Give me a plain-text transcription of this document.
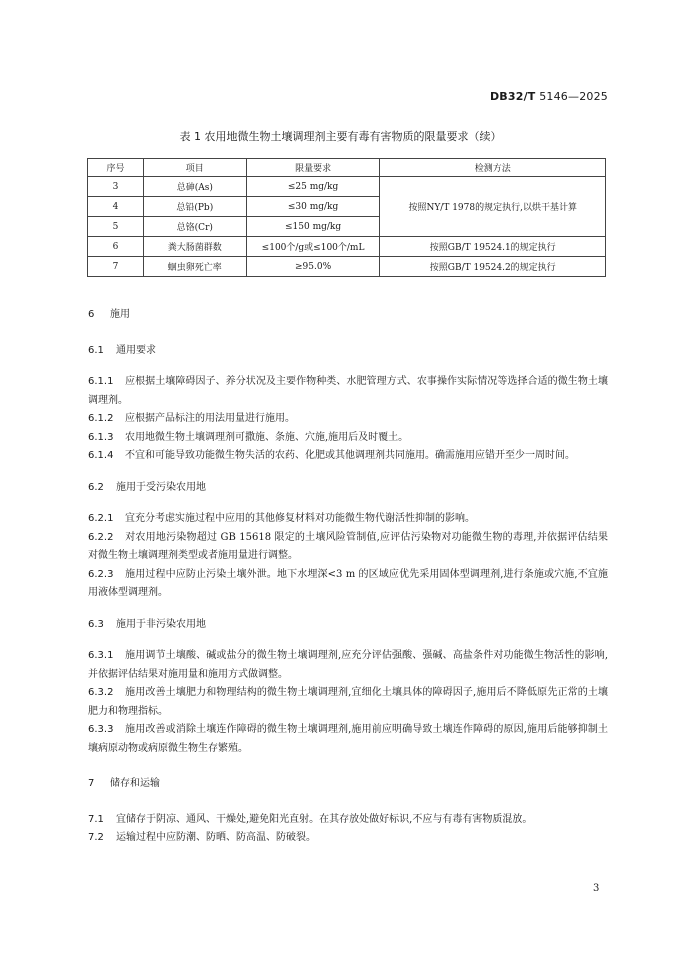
DB32/T 5146—2025
表 1 农用地微生物土壤调理剂主要有毒有害物质的限量要求（续）
序号	项目	限量要求	检测方法
3	总砷(As)	≤25 mg/kg	按照NY/T 1978的规定执行,以烘干基计算
4	总铅(Pb)	≤30 mg/kg	
5	总铬(Cr)	≤150 mg/kg	
6	粪大肠菌群数	≤100个/g或≤100个/mL	按照GB/T 19524.1的规定执行
7	蛔虫卵死亡率	≥95.0%	按照GB/T 19524.2的规定执行
6 施用
6.1 通用要求
6.1.1 应根据土壤障碍因子、养分状况及主要作物种类、水肥管理方式、农事操作实际情况等选择合适的微生物土壤调理剂。
6.1.2 应根据产品标注的用法用量进行施用。
6.1.3 农用地微生物土壤调理剂可撒施、条施、穴施,施用后及时覆土。
6.1.4 不宜和可能导致功能微生物失活的农药、化肥或其他调理剂共同施用。确需施用应错开至少一周时间。
6.2 施用于受污染农用地
6.2.1 宜充分考虑实施过程中应用的其他修复材料对功能微生物代谢活性抑制的影响。
6.2.2 对农用地污染物超过 GB 15618 限定的土壤风险管制值,应评估污染物对功能微生物的毒理,并依据评估结果对微生物土壤调理剂类型或者施用量进行调整。
6.2.3 施用过程中应防止污染土壤外泄。地下水埋深<3 m 的区域应优先采用固体型调理剂,进行条施或穴施,不宜施用液体型调理剂。
6.3 施用于非污染农用地
6.3.1 施用调节土壤酸、碱或盐分的微生物土壤调理剂,应充分评估强酸、强碱、高盐条件对功能微生物活性的影响,并依据评估结果对施用量和施用方式做调整。
6.3.2 施用改善土壤肥力和物理结构的微生物土壤调理剂,宜细化土壤具体的障碍因子,施用后不降低原先正常的土壤肥力和物理指标。
6.3.3 施用改善或消除土壤连作障碍的微生物土壤调理剂,施用前应明确导致土壤连作障碍的原因,施用后能够抑制土壤病原动物或病原微生物生存繁殖。
7 储存和运输
7.1 宜储存于阴凉、通风、干燥处,避免阳光直射。在其存放处做好标识,不应与有毒有害物质混放。
7.2 运输过程中应防潮、防晒、防高温、防破裂。
3
